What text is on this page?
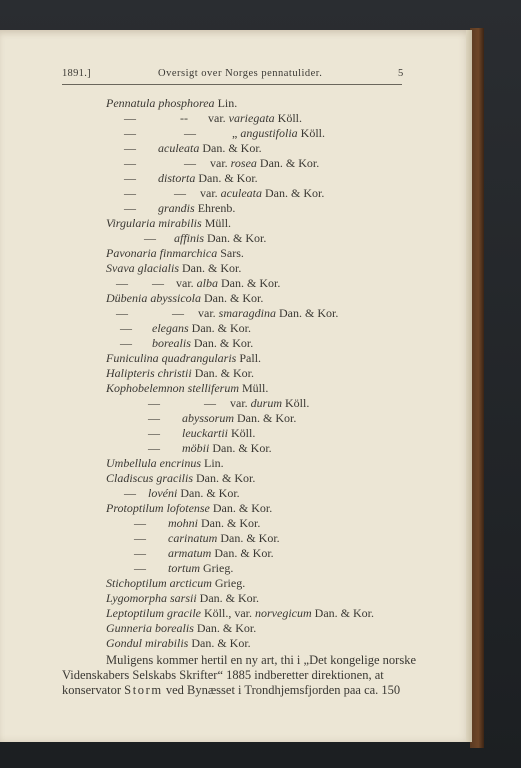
1891.]	Oversigt over Norges pennatulider.	5
Pennatula phosphorea Lin.
—	-- var. variegata Köll.
—	—	„ angustifolia Köll.
— aculeata Dan. & Kor.
—	— var. rosea Dan. & Kor.
— distorta Dan. & Kor.
—	— var. aculeata Dan. & Kor.
— grandis Ehrenb.
Virgularia mirabilis Müll.
— affinis Dan. & Kor.
Pavonaria finmarchica Sars.
Svava glacialis Dan. & Kor.
— — var. alba Dan. & Kor.
Dübenia abyssicola Dan. & Kor.
—	— var. smaragdina Dan. & Kor.
— elegans Dan. & Kor.
— borealis Dan. & Kor.
Funiculina quadrangularis Pall.
Halipteris christii Dan. & Kor.
Kophobelemnon stelliferum Müll.
—	— var. durum Köll.
— abyssorum Dan. & Kor.
— leuckartii Köll.
— möbii Dan. & Kor.
Umbellula encrinus Lin.
Cladiscus gracilis Dan. & Kor.
— lovéni Dan. & Kor.
Protoptilum lofotense Dan. & Kor.
— mohni Dan. & Kor.
— carinatum Dan. & Kor.
— armatum Dan. & Kor.
— tortum Grieg.
Stichoptilum arcticum Grieg.
Lygomorpha sarsii Dan. & Kor.
Leptoptilum gracile Köll., var. norvegicum Dan. & Kor.
Gunneria borealis Dan. & Kor.
Gondul mirabilis Dan. & Kor.
Muligens kommer hertil en ny art, thi i „Det kongelige norske
Videnskabers Selskabs Skrifter“ 1885 indberetter direktionen, at
konservator Storm ved Bynæsset i Trondhjemsfjorden paa ca. 150
